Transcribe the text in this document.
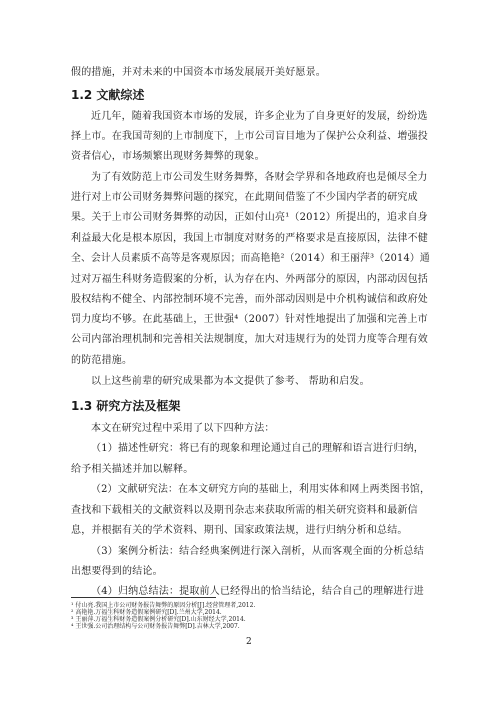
假的措施，并对未来的中国资本市场发展展开美好愿景。
1.2 文献综述
近几年，随着我国资本市场的发展，许多企业为了自身更好的发展，纷纷选
择上市。在我国苛刻的上市制度下，上市公司盲目地为了保护公众利益、增强投
资者信心，市场频繁出现财务舞弊的现象。
为了有效防范上市公司发生财务舞弊，各财会学界和各地政府也是倾尽全力
进行对上市公司财务舞弊问题的探究，在此期间借鉴了不少国内学者的研究成
果。关于上市公司财务舞弊的动因，正如付山亮¹（2012）所提出的，追求自身
利益最大化是根本原因，我国上市制度对财务的严格要求是直接原因，法律不健
全、会计人员素质不高等是客观原因；而高艳艳²（2014）和王丽萍³（2014）通
过对万福生科财务造假案的分析，认为存在内、外两部分的原因，内部动因包括
股权结构不健全、内部控制环境不完善，而外部动因则是中介机构诚信和政府处
罚力度均不够。在此基础上，王世强⁴（2007）针对性地提出了加强和完善上市
公司内部治理机制和完善相关法规制度，加大对违规行为的处罚力度等合理有效
的防范措施。
以上这些前辈的研究成果都为本文提供了参考、 帮助和启发。
1.3 研究方法及框架
本文在研究过程中采用了以下四种方法：
（1）描述性研究：将已有的现象和理论通过自己的理解和语言进行归纳，
给予相关描述并加以解释。
（2）文献研究法：在本文研究方向的基础上，利用实体和网上两类图书馆，
查找和下载相关的文献资料以及期刊杂志来获取所需的相关研究资料和最新信
息，并根据有关的学术资料、期刊、国家政策法规，进行归纳分析和总结。
（3）案例分析法：结合经典案例进行深入剖析，从而客观全面的分析总结
出想要得到的结论。
（4）归纳总结法：提取前人已经得出的恰当结论，结合自己的理解进行进
¹ 付山亮.我国上市公司财务报告舞弊的原因分析[J].经营管理者,2012.
² 高艳艳.万福生科财务造假案例研究[D].兰州大学,2014.
³ 王丽萍.万福生科财务造假案例分析研究[D].山东财经大学,2014.
⁴ 王世强.公司治理结构与公司财务报告舞弊[D].吉林大学,2007.
2
